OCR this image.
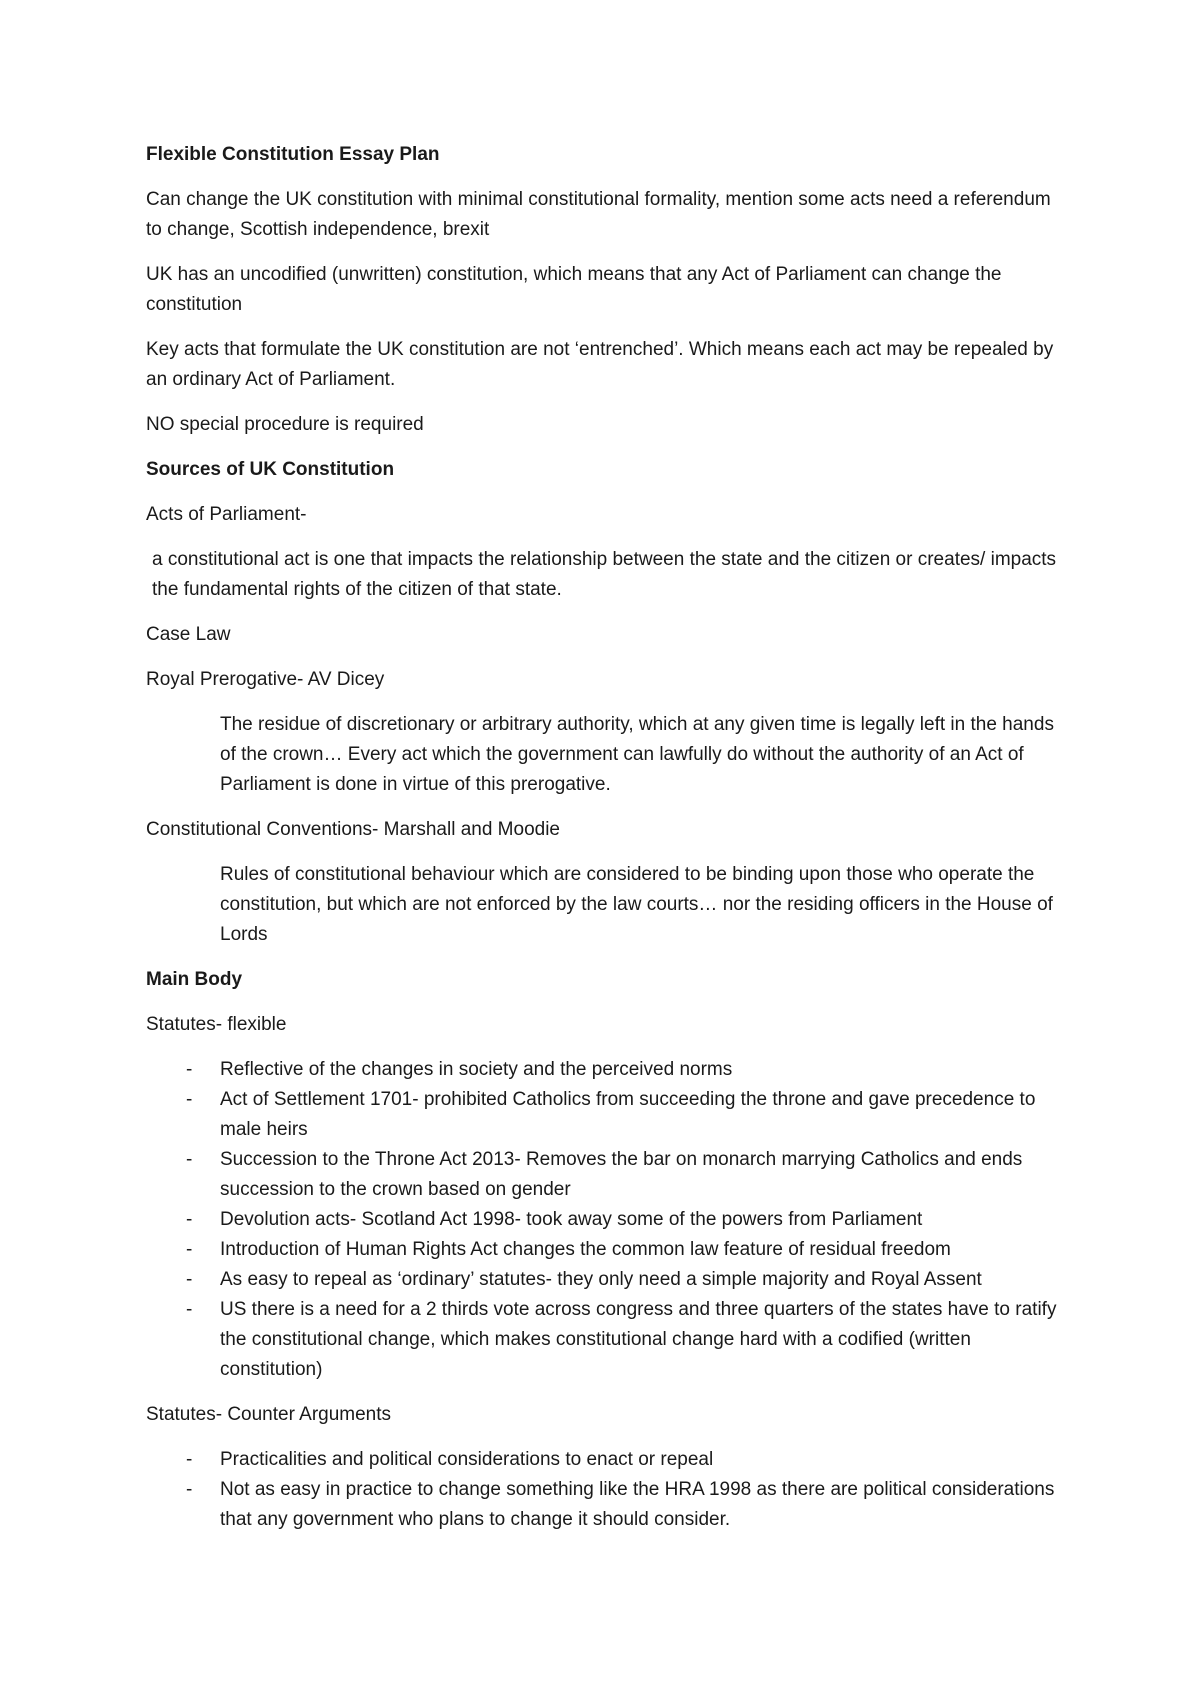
Flexible Constitution Essay Plan

Can change the UK constitution with minimal constitutional formality, mention some acts need a referendum to change, Scottish independence, brexit

UK has an uncodified (unwritten) constitution, which means that any Act of Parliament can change the constitution

Key acts that formulate the UK constitution are not ‘entrenched’. Which means each act may be repealed by an ordinary Act of Parliament.

NO special procedure is required

Sources of UK Constitution

Acts of Parliament-

a constitutional act is one that impacts the relationship between the state and the citizen or creates/ impacts the fundamental rights of the citizen of that state.

Case Law

Royal Prerogative- AV Dicey

The residue of discretionary or arbitrary authority, which at any given time is legally left in the hands of the crown… Every act which the government can lawfully do without the authority of an Act of Parliament is done in virtue of this prerogative.

Constitutional Conventions- Marshall and Moodie

Rules of constitutional behaviour which are considered to be binding upon those who operate the constitution, but which are not enforced by the law courts… nor the residing officers in the House of Lords

Main Body

Statutes- flexible

- Reflective of the changes in society and the perceived norms
- Act of Settlement 1701- prohibited Catholics from succeeding the throne and gave precedence to male heirs
- Succession to the Throne Act 2013- Removes the bar on monarch marrying Catholics and ends succession to the crown based on gender
- Devolution acts- Scotland Act 1998- took away some of the powers from Parliament
- Introduction of Human Rights Act changes the common law feature of residual freedom
- As easy to repeal as ‘ordinary’ statutes- they only need a simple majority and Royal Assent
- US there is a need for a 2 thirds vote across congress and three quarters of the states have to ratify the constitutional change, which makes constitutional change hard with a codified (written constitution)

Statutes- Counter Arguments

- Practicalities and political considerations to enact or repeal
- Not as easy in practice to change something like the HRA 1998 as there are political considerations that any government who plans to change it should consider.
